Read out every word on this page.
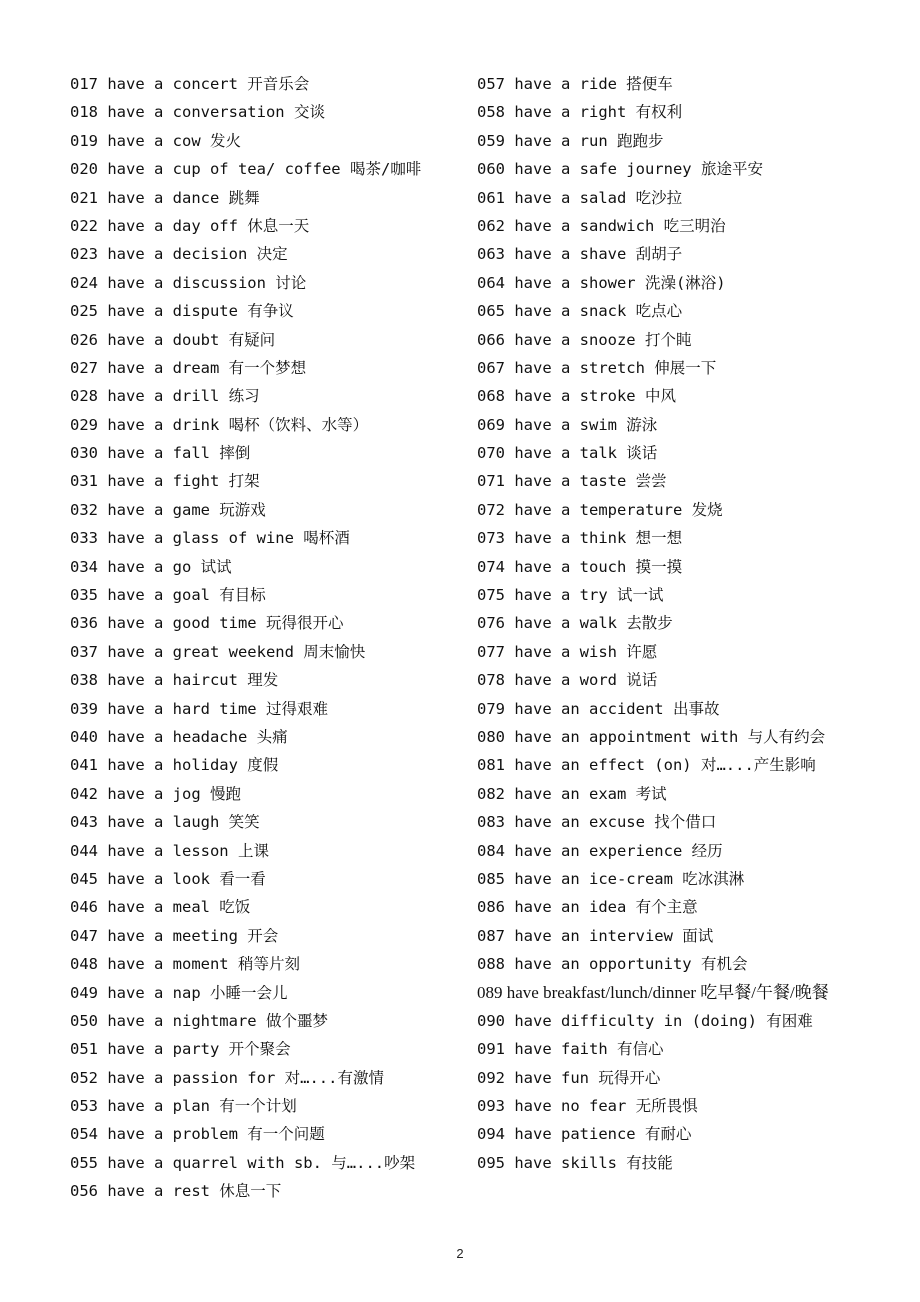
017 have a concert 开音乐会
018 have a conversation 交谈
019 have a cow 发火
020 have a cup of tea/ coffee 喝茶/咖啡
021 have a dance 跳舞
022 have a day off 休息一天
023 have a decision 决定
024 have a discussion 讨论
025 have a dispute 有争议
026 have a doubt 有疑问
027 have a dream 有一个梦想
028 have a drill 练习
029 have a drink 喝杯（饮料、水等）
030 have a fall 摔倒
031 have a fight 打架
032 have a game 玩游戏
033 have a glass of wine 喝杯酒
034 have a go 试试
035 have a goal 有目标
036 have a good time 玩得很开心
037 have a great weekend 周末愉快
038 have a haircut 理发
039 have a hard time 过得艰难
040 have a headache 头痛
041 have a holiday 度假
042 have a jog 慢跑
043 have a laugh 笑笑
044 have a lesson 上课
045 have a look 看一看
046 have a meal 吃饭
047 have a meeting 开会
048 have a moment 稍等片刻
049 have a nap 小睡一会儿
050 have a nightmare 做个噩梦
051 have a party 开个聚会
052 have a passion for 对…...有激情
053 have a plan 有一个计划
054 have a problem 有一个问题
055 have a quarrel with sb. 与…...吵架
056 have a rest 休息一下
057 have a ride 搭便车
058 have a right 有权利
059 have a run 跑跑步
060 have a safe journey 旅途平安
061 have a salad 吃沙拉
062 have a sandwich 吃三明治
063 have a shave 刮胡子
064 have a shower 洗澡(淋浴)
065 have a snack 吃点心
066 have a snooze 打个盹
067 have a stretch 伸展一下
068 have a stroke 中风
069 have a swim 游泳
070 have a talk 谈话
071 have a taste 尝尝
072 have a temperature 发烧
073 have a think 想一想
074 have a touch 摸一摸
075 have a try 试一试
076 have a walk 去散步
077 have a wish 许愿
078 have a word 说话
079 have an accident 出事故
080 have an appointment with 与人有约会
081 have an effect (on) 对…...产生影响
082 have an exam 考试
083 have an excuse 找个借口
084 have an experience 经历
085 have an ice-cream 吃冰淇淋
086 have an idea 有个主意
087 have an interview 面试
088 have an opportunity 有机会
089 have breakfast/lunch/dinner 吃早餐/午餐/晚餐
090 have difficulty in (doing) 有困难
091 have faith 有信心
092 have fun 玩得开心
093 have no fear 无所畏惧
094 have patience 有耐心
095 have skills 有技能
2
